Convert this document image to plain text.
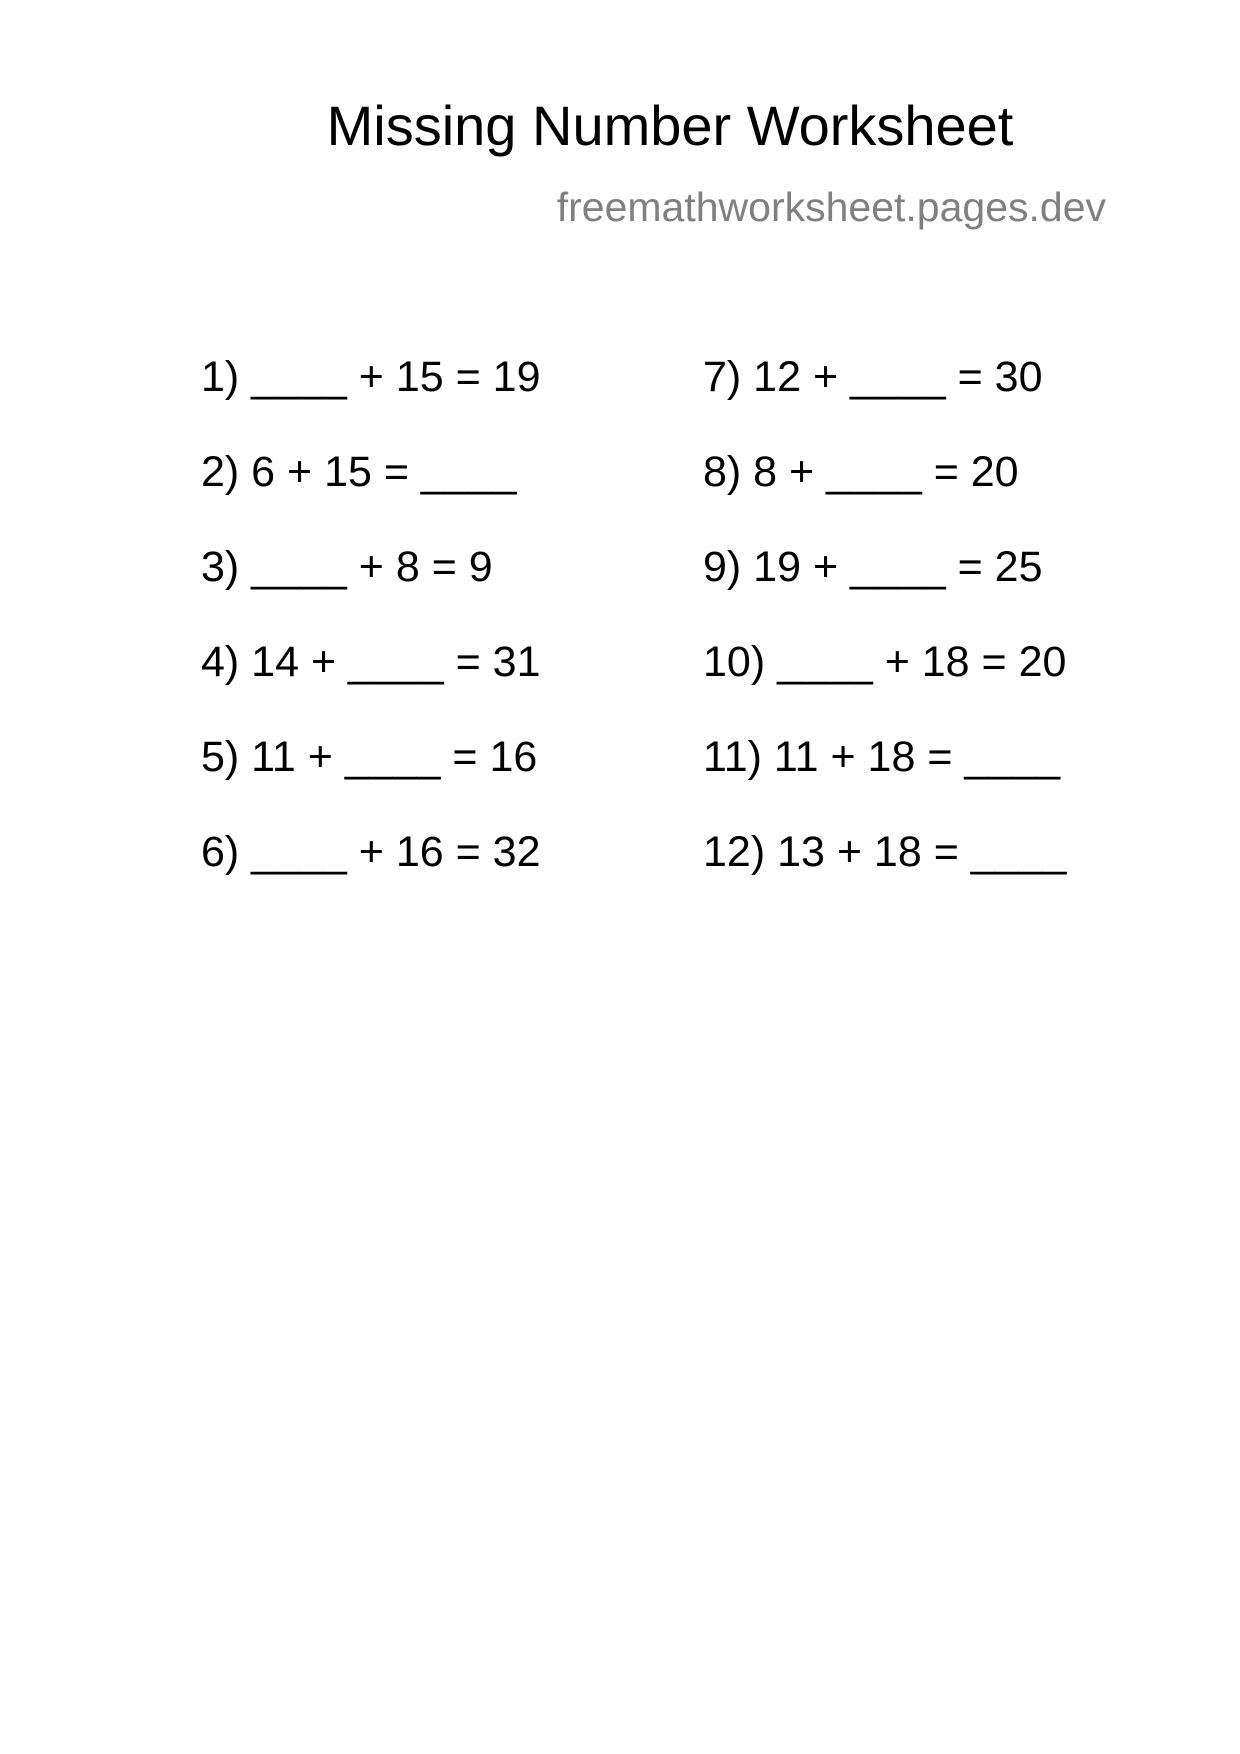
Missing Number Worksheet
freemathworksheet.pages.dev
1) ____ + 15 = 19
2) 6 + 15 = ____
3) ____ + 8 = 9
4) 14 + ____ = 31
5) 11 + ____ = 16
6) ____ + 16 = 32
7) 12 + ____ = 30
8) 8 + ____ = 20
9) 19 + ____ = 25
10) ____ + 18 = 20
11) 11 + 18 = ____
12) 13 + 18 = ____
